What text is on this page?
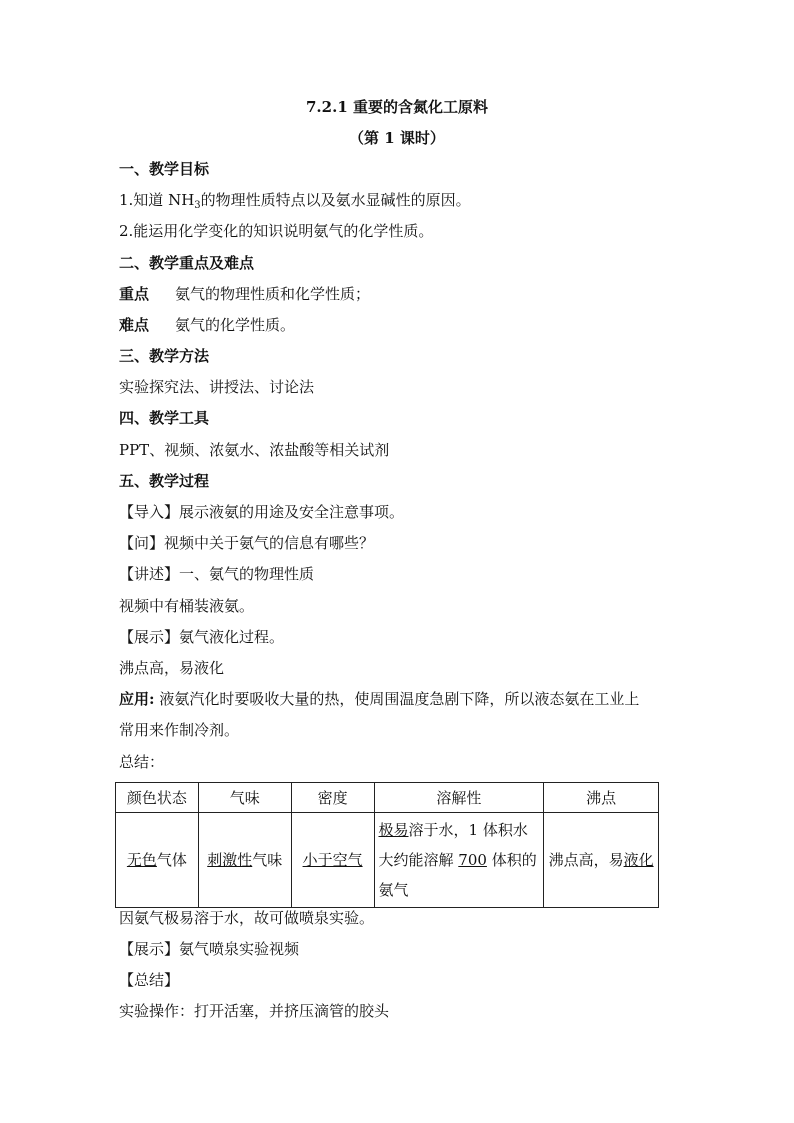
7.2.1 重要的含氮化工原料
（第 1 课时）
一、教学目标
1.知道 $NH_3$的物理性质特点以及氨水显碱性的原因。
2.能运用化学变化的知识说明氨气的化学性质。
二、教学重点及难点
重点 氨气的物理性质和化学性质；
难点 氨气的化学性质。
三、教学方法
实验探究法、讲授法、讨论法
四、教学工具
PPT、视频、浓氨水、浓盐酸等相关试剂
五、教学过程
【导入】展示液氨的用途及安全注意事项。
【问】视频中关于氨气的信息有哪些？
【讲述】一、氨气的物理性质
视频中有桶装液氨。
【展示】氨气液化过程。
沸点高，易液化
应用: 液氨汽化时要吸收大量的热，使周围温度急剧下降，所以液态氨在工业上
常用来作制冷剂。
总结：
颜色状态	气味	密度	溶解性	沸点
无色气体	刺激性气味	小于空气	极易溶于水，1 体积水大约能溶解 700 体积的氨气	沸点高，易液化
因氨气极易溶于水，故可做喷泉实验。
【展示】氨气喷泉实验视频
【总结】
实验操作：打开活塞，并挤压滴管的胶头
